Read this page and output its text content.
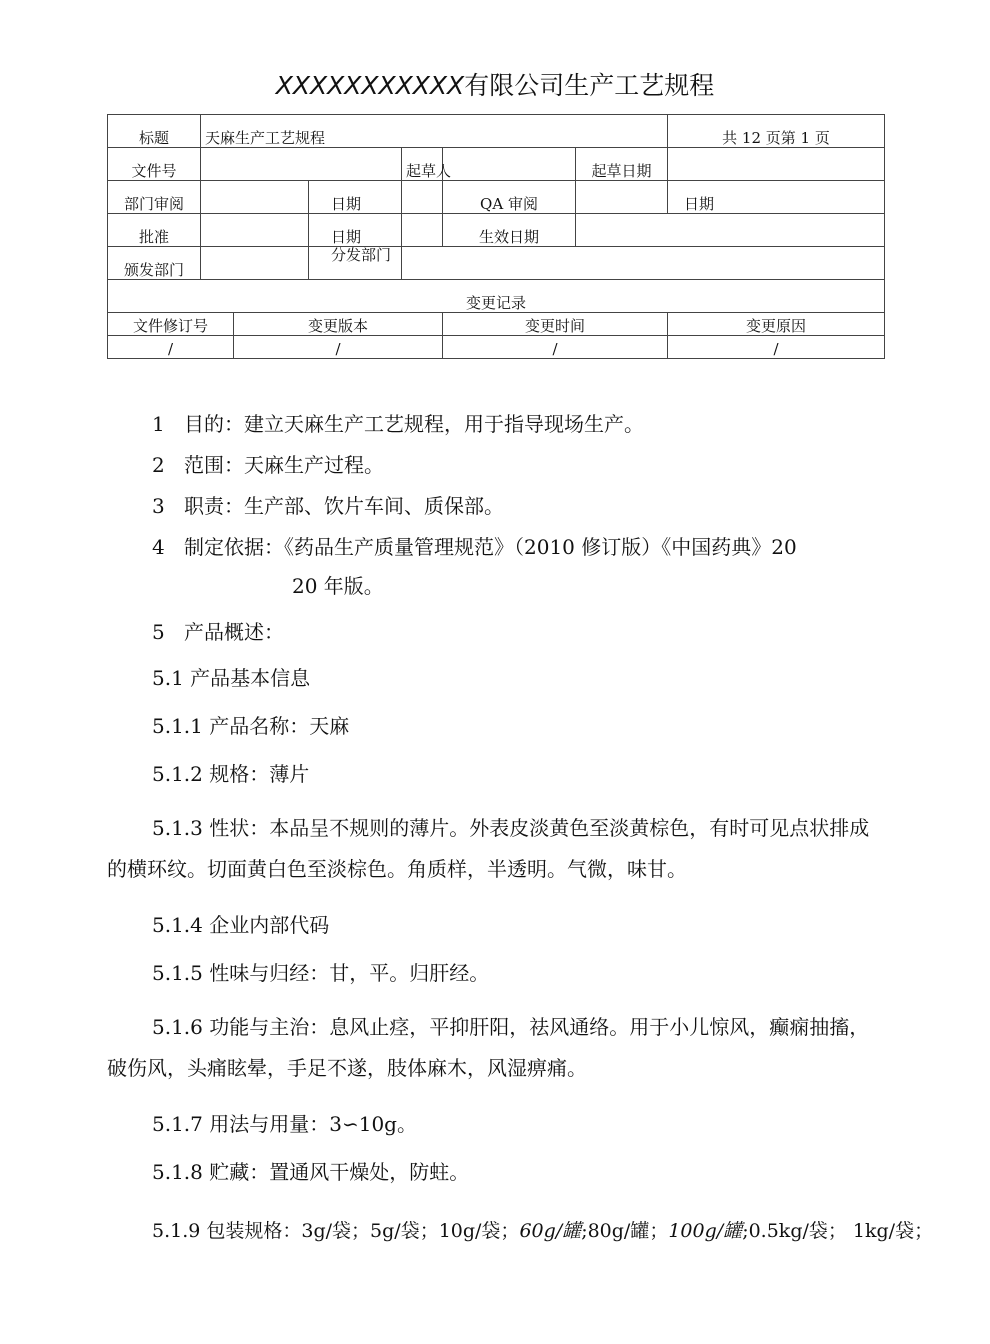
XXXXXXXXXXX有限公司生产工艺规程
标题	天麻生产工艺规程						共 12 页第 1 页
文件号				起草人		起草日期	
部门审阅			日期		QA 审阅		日期
批准			日期		生效日期		
颁发部门			分发部门				

变更记录							
文件修订号		变更版本			变更时间		变更原因
/		/			/		/
1 目的：建立天麻生产工艺规程，用于指导现场生产。
2 范围：天麻生产过程。
3 职责：生产部、饮片车间、质保部。
4 制定依据：《药品生产质量管理规范》（2010 修订版）《中国药典》20
20 年版。
5 产品概述：
5.1 产品基本信息
5.1.1 产品名称：天麻
5.1.2 规格：薄片
5.1.3 性状：本品呈不规则的薄片。外表皮淡黄色至淡黄棕色，有时可见点状排成的横环纹。切面黄白色至淡棕色。角质样，半透明。气微，味甘。
5.1.4 企业内部代码
5.1.5 性味与归经：甘，平。归肝经。
5.1.6 功能与主治：息风止痉，平抑肝阳，祛风通络。用于小儿惊风，癫痫抽搐，破伤风，头痛眩晕，手足不遂，肢体麻木，风湿痹痛。
5.1.7 用法与用量：3∽10g。
5.1.8 贮藏：置通风干燥处，防蛀。
5.1.9 包装规格：3g/袋；5g/袋；10g/袋；60g/罐;80g/罐；100g/罐;0.5kg/袋； 1kg/袋；
